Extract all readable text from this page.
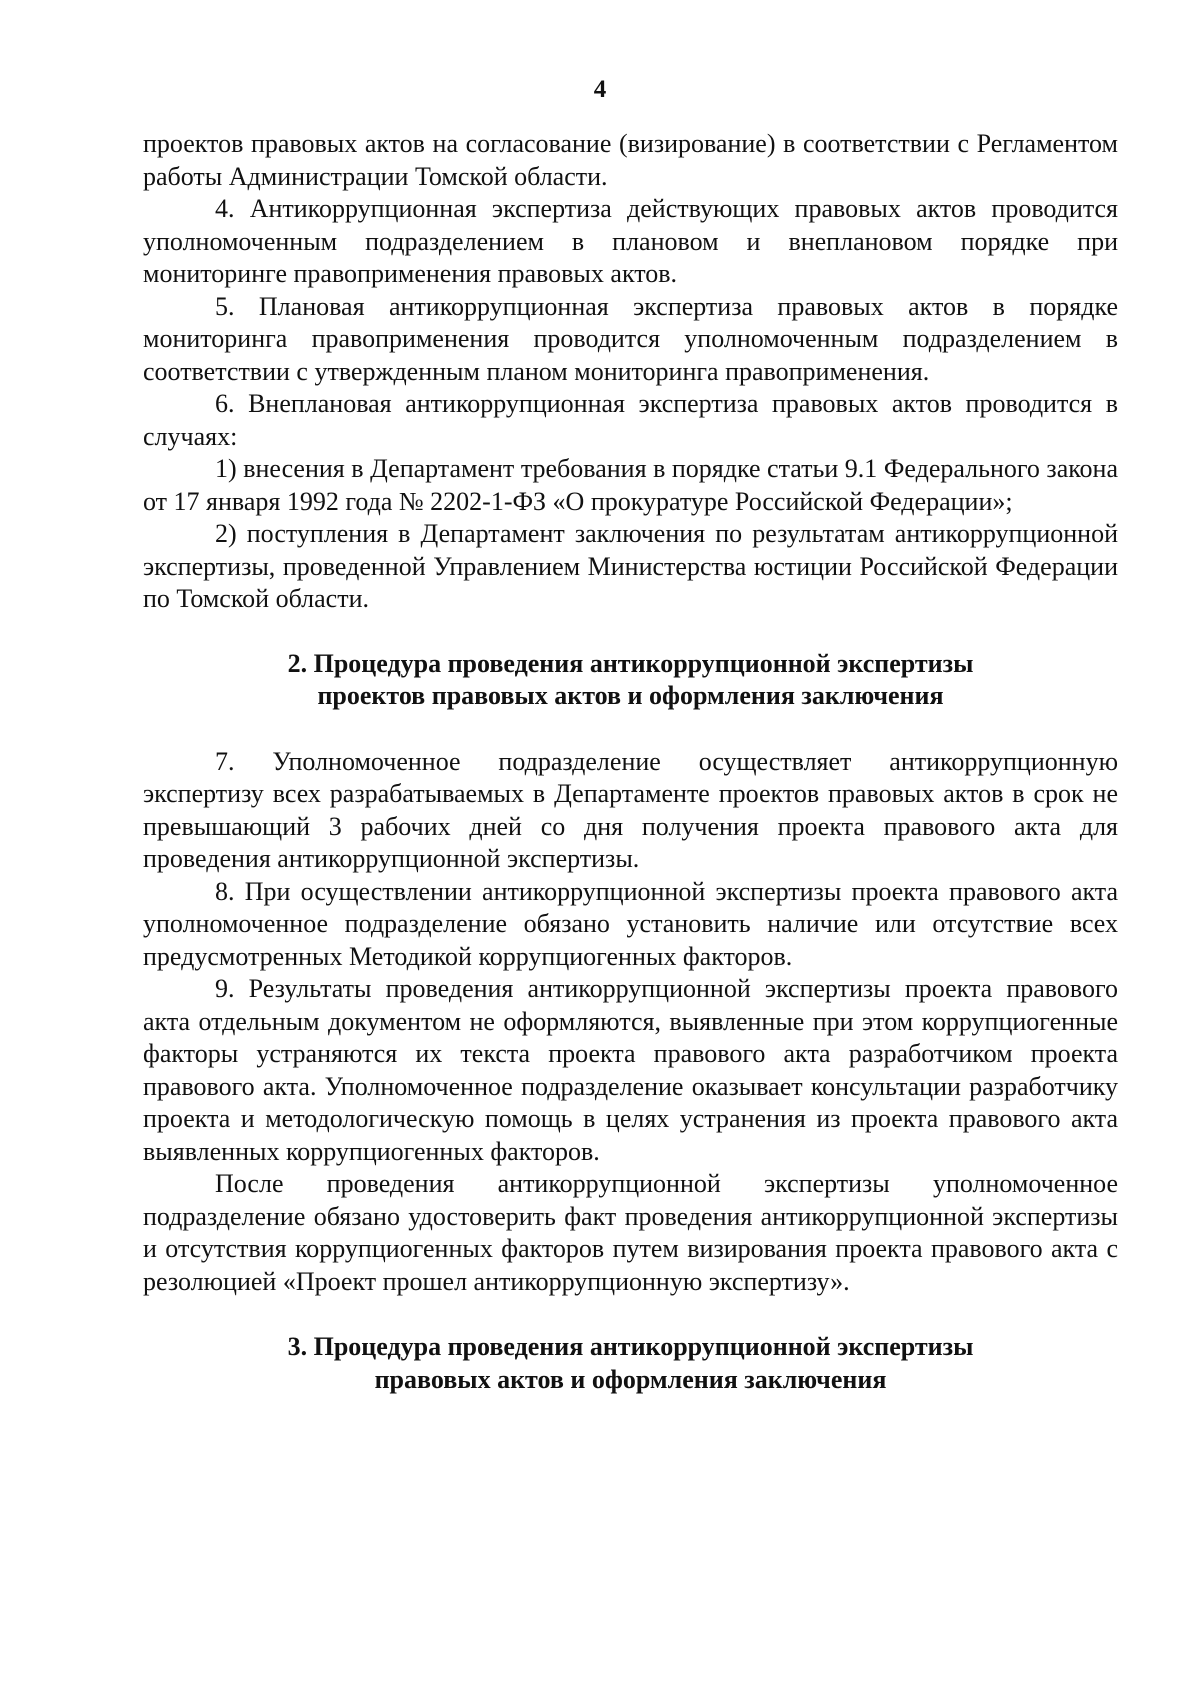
4

проектов правовых актов на согласование (визирование) в соответствии с Регламентом работы Администрации Томской области.

4. Антикоррупционная экспертиза действующих правовых актов проводится уполномоченным подразделением в плановом и внеплановом порядке при мониторинге правоприменения правовых актов.

5. Плановая антикоррупционная экспертиза правовых актов в порядке мониторинга правоприменения проводится уполномоченным подразделением в соответствии с утвержденным планом мониторинга правоприменения.

6. Внеплановая антикоррупционная экспертиза правовых актов проводится в случаях:

1) внесения в Департамент требования в порядке статьи 9.1 Федерального закона от 17 января 1992 года № 2202-1-ФЗ «О прокуратуре Российской Федерации»;

2) поступления в Департамент заключения по результатам антикоррупционной экспертизы, проведенной Управлением Министерства юстиции Российской Федерации по Томской области.

2. Процедура проведения антикоррупционной экспертизы
проектов правовых актов и оформления заключения

7. Уполномоченное подразделение осуществляет антикоррупционную экспертизу всех разрабатываемых в Департаменте проектов правовых актов в срок не превышающий 3 рабочих дней со дня получения проекта правового акта для проведения антикоррупционной экспертизы.

8. При осуществлении антикоррупционной экспертизы проекта правового акта уполномоченное подразделение обязано установить наличие или отсутствие всех предусмотренных Методикой коррупциогенных факторов.

9. Результаты проведения антикоррупционной экспертизы проекта правового акта отдельным документом не оформляются, выявленные при этом коррупциогенные факторы устраняются их текста проекта правового акта разработчиком проекта правового акта. Уполномоченное подразделение оказывает консультации разработчику проекта и методологическую помощь в целях устранения из проекта правового акта выявленных коррупциогенных факторов.

После проведения антикоррупционной экспертизы уполномоченное подразделение обязано удостоверить факт проведения антикоррупционной экспертизы и отсутствия коррупциогенных факторов путем визирования проекта правового акта с резолюцией «Проект прошел антикоррупционную экспертизу».

3. Процедура проведения антикоррупционной экспертизы
правовых актов и оформления заключения
